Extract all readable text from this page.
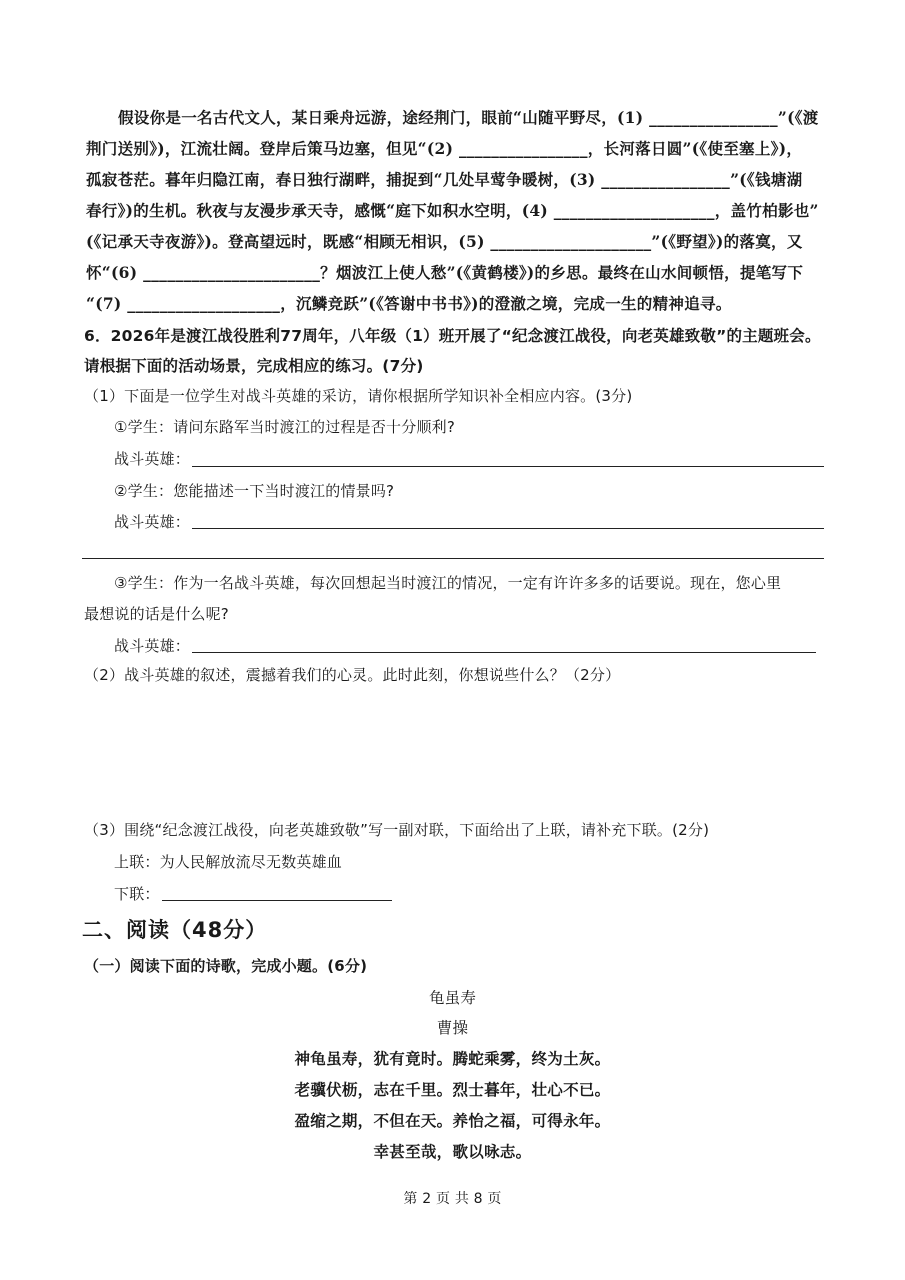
假设你是一名古代文人，某日乘舟远游，途经荆门，眼前“山随平野尽，(1) ________________”(《渡
荆门送别》)，江流壮阔。登岸后策马边塞，但见“(2) ________________，长河落日圆”(《使至塞上》)，
孤寂苍茫。暮年归隐江南，春日独行湖畔，捕捉到“几处早莺争暖树，(3) ________________”(《钱塘湖
春行》)的生机。秋夜与友漫步承天寺，感慨“庭下如积水空明，(4) ____________________，盖竹柏影也”
(《记承天寺夜游》)。登高望远时，既感“相顾无相识，(5) ____________________”(《野望》)的落寞，又
怀“(6) ______________________？烟波江上使人愁”(《黄鹤楼》)的乡思。最终在山水间顿悟，提笔写下
“(7) ___________________，沉鳞竞跃”(《答谢中书书》)的澄澈之境，完成一生的精神追寻。
6．2026年是渡江战役胜利77周年，八年级（1）班开展了“纪念渡江战役，向老英雄致敬”的主题班会。
请根据下面的活动场景，完成相应的练习。(7分)
（1）下面是一位学生对战斗英雄的采访，请你根据所学知识补全相应内容。(3分)
①学生：请问东路军当时渡江的过程是否十分顺利?
战斗英雄：
②学生：您能描述一下当时渡江的情景吗?
战斗英雄：
③学生：作为一名战斗英雄，每次回想起当时渡江的情况，一定有许许多多的话要说。现在，您心里
最想说的话是什么呢?
战斗英雄：
（2）战斗英雄的叙述，震撼着我们的心灵。此时此刻，你想说些什么？（2分）
（3）围绕“纪念渡江战役，向老英雄致敬”写一副对联，下面给出了上联，请补充下联。(2分)
上联：为人民解放流尽无数英雄血
下联：
二、阅读（48分）
（一）阅读下面的诗歌，完成小题。(6分)
龟虽寿
曹操
神龟虽寿，犹有竟时。腾蛇乘雾，终为土灰。
老骥伏枥，志在千里。烈士暮年，壮心不已。
盈缩之期，不但在天。养怡之福，可得永年。
幸甚至哉，歌以咏志。
第 2 页 共 8 页
